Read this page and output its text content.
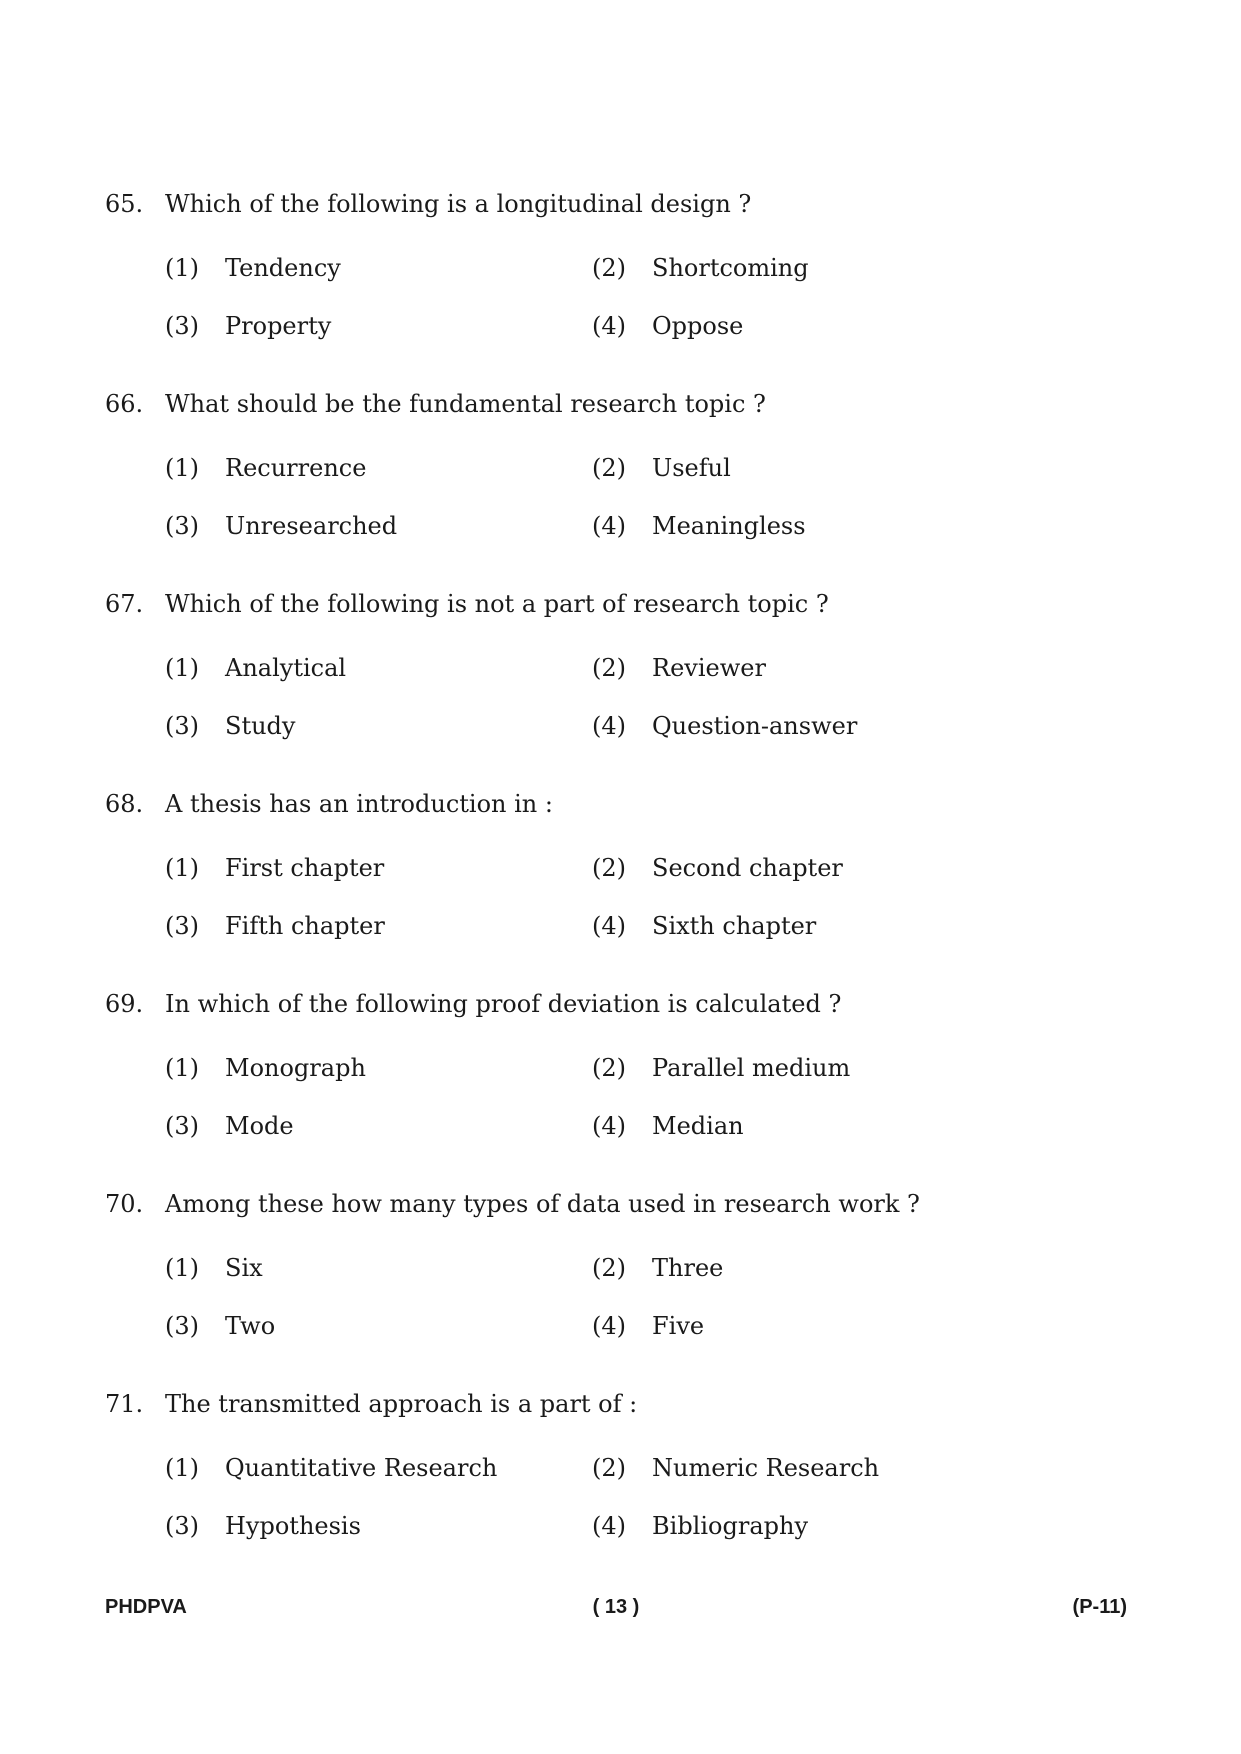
65. Which of the following is a longitudinal design ?
(1) Tendency	(2) Shortcoming
(3) Property	(4) Oppose
66. What should be the fundamental research topic ?
(1) Recurrence	(2) Useful
(3) Unresearched	(4) Meaningless
67. Which of the following is not a part of research topic ?
(1) Analytical	(2) Reviewer
(3) Study	(4) Question-answer
68. A thesis has an introduction in :
(1) First chapter	(2) Second chapter
(3) Fifth chapter	(4) Sixth chapter
69. In which of the following proof deviation is calculated ?
(1) Monograph	(2) Parallel medium
(3) Mode	(4) Median
70. Among these how many types of data used in research work ?
(1) Six	(2) Three
(3) Two	(4) Five
71. The transmitted approach is a part of :
(1) Quantitative Research	(2) Numeric Research
(3) Hypothesis	(4) Bibliography
PHDPVA	( 13 )	(P-11)
